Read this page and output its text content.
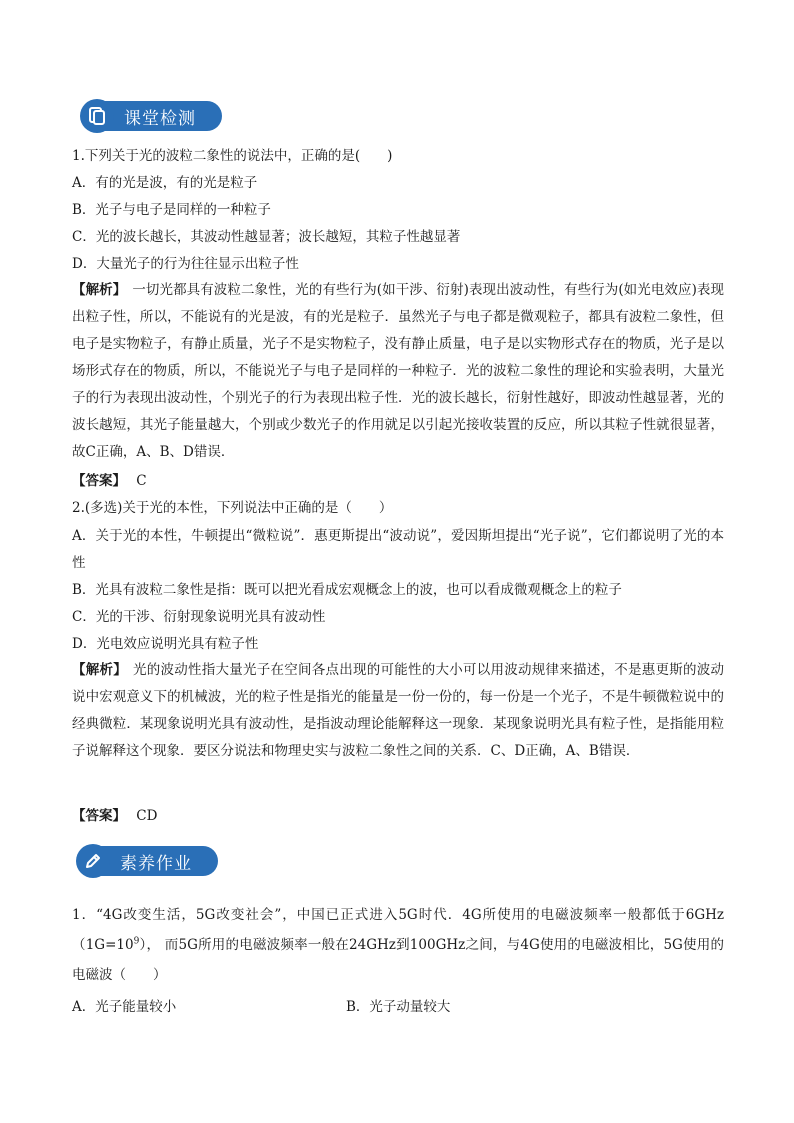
课堂检测
1.下列关于光的波粒二象性的说法中，正确的是(　　)
A．有的光是波，有的光是粒子
B．光子与电子是同样的一种粒子
C．光的波长越长，其波动性越显著；波长越短，其粒子性越显著
D．大量光子的行为往往显示出粒子性
【解析】 一切光都具有波粒二象性，光的有些行为(如干涉、衍射)表现出波动性，有些行为(如光电效应)表现出粒子性，所以，不能说有的光是波，有的光是粒子．虽然光子与电子都是微观粒子，都具有波粒二象性，但电子是实物粒子，有静止质量，光子不是实物粒子，没有静止质量，电子是以实物形式存在的物质，光子是以场形式存在的物质，所以，不能说光子与电子是同样的一种粒子．光的波粒二象性的理论和实验表明，大量光子的行为表现出波动性，个别光子的行为表现出粒子性．光的波长越长，衍射性越好，即波动性越显著，光的波长越短，其光子能量越大，个别或少数光子的作用就足以引起光接收装置的反应，所以其粒子性就很显著，故C正确，A、B、D错误．
【答案】 C
2.(多选)关于光的本性，下列说法中正确的是（　　）
A．关于光的本性，牛顿提出“微粒说”．惠更斯提出“波动说”，爱因斯坦提出“光子说”，它们都说明了光的本性
B．光具有波粒二象性是指：既可以把光看成宏观概念上的波，也可以看成微观概念上的粒子
C．光的干涉、衍射现象说明光具有波动性
D．光电效应说明光具有粒子性
【解析】 光的波动性指大量光子在空间各点出现的可能性的大小可以用波动规律来描述，不是惠更斯的波动说中宏观意义下的机械波，光的粒子性是指光的能量是一份一份的，每一份是一个光子，不是牛顿微粒说中的经典微粒．某现象说明光具有波动性，是指波动理论能解释这一现象．某现象说明光具有粒子性，是指能用粒子说解释这个现象．要区分说法和物理史实与波粒二象性之间的关系．C、D正确，A、B错误．
【答案】 CD
素养作业
1．“4G改变生活，5G改变社会”，中国已正式进入5G时代．4G所使用的电磁波频率一般都低于$6GHz(1G=10^9)$， 而5G所用的电磁波频率一般在24GHz到100GHz之间，与4G使用的电磁波相比，5G使用的电磁波（　　）
A．光子能量较小	B．光子动量较大
